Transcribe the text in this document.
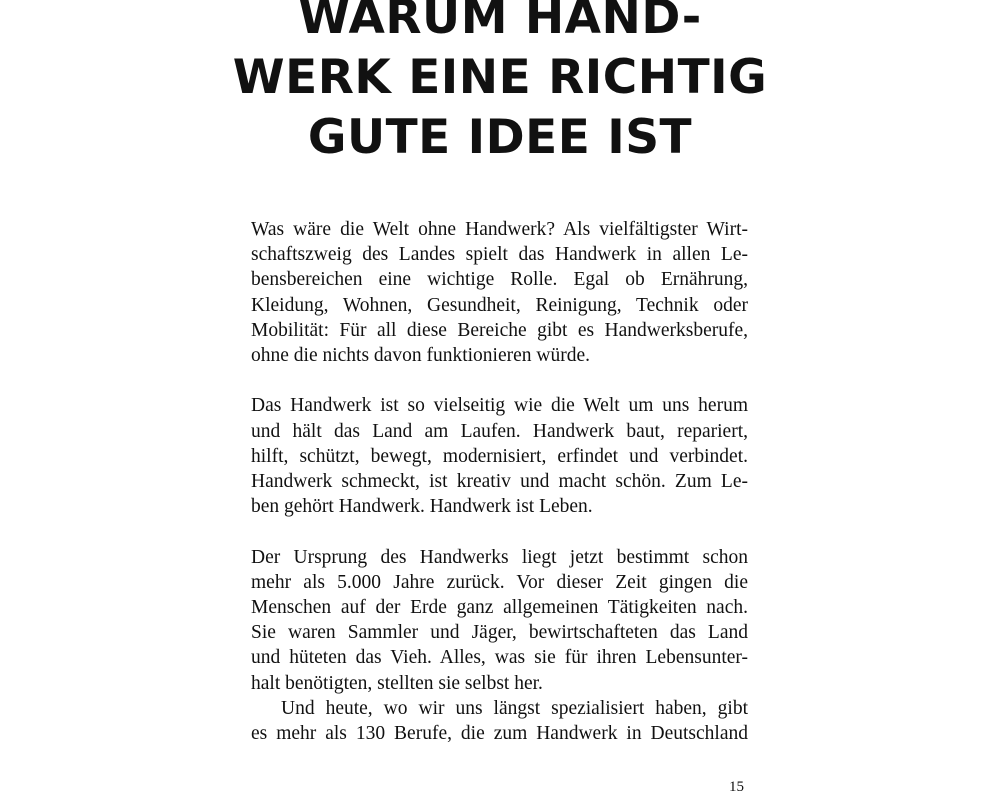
WARUM HAND-
WERK EINE RICHTIG
GUTE IDEE IST

Was wäre die Welt ohne Handwerk? Als vielfältigster Wirt-
schaftszweig des Landes spielt das Handwerk in allen Le-
bensbereichen eine wichtige Rolle. Egal ob Ernährung,
Kleidung, Wohnen, Gesundheit, Reinigung, Technik oder
Mobilität: Für all diese Bereiche gibt es Handwerksberufe,
ohne die nichts davon funktionieren würde.

Das Handwerk ist so vielseitig wie die Welt um uns herum
und hält das Land am Laufen. Handwerk baut, repariert,
hilft, schützt, bewegt, modernisiert, erfindet und verbindet.
Handwerk schmeckt, ist kreativ und macht schön. Zum Le-
ben gehört Handwerk. Handwerk ist Leben.

Der Ursprung des Handwerks liegt jetzt bestimmt schon
mehr als 5.000 Jahre zurück. Vor dieser Zeit gingen die
Menschen auf der Erde ganz allgemeinen Tätigkeiten nach.
Sie waren Sammler und Jäger, bewirtschafteten das Land
und hüteten das Vieh. Alles, was sie für ihren Lebensunter-
halt benötigten, stellten sie selbst her.

Und heute, wo wir uns längst spezialisiert haben, gibt
es mehr als 130 Berufe, die zum Handwerk in Deutschland

15
